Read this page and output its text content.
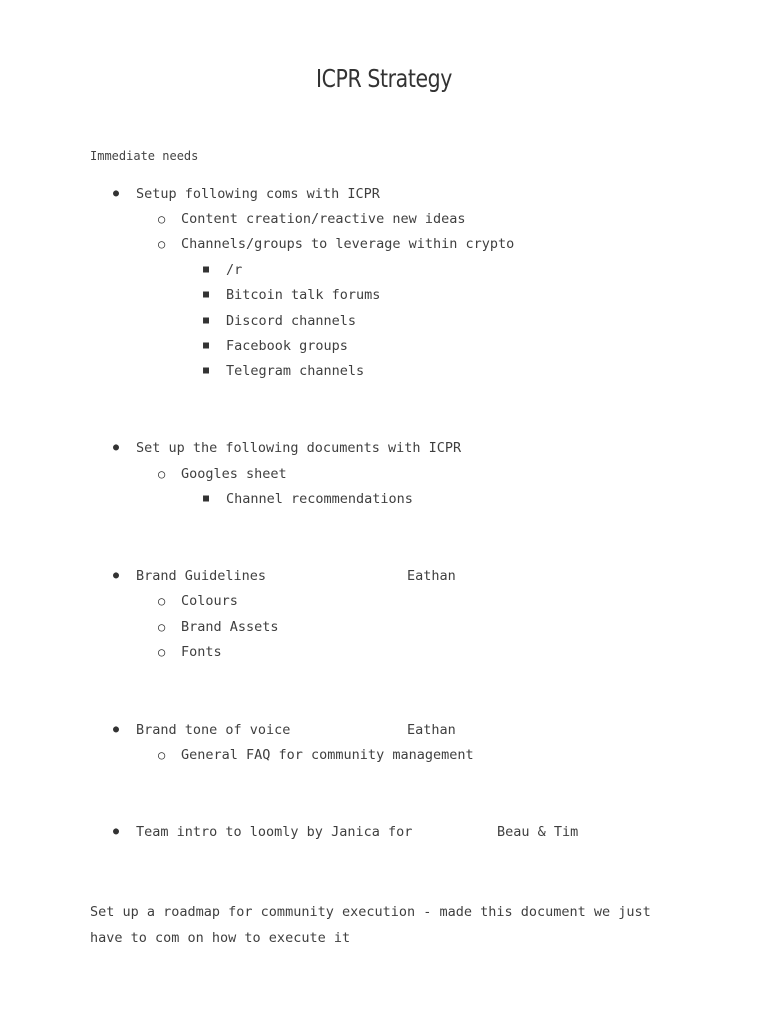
ICPR Strategy
Immediate needs
● Setup following coms with ICPR
○ Content creation/reactive new ideas
○ Channels/groups to leverage within crypto
■ /r
■ Bitcoin talk forums
■ Discord channels
■ Facebook groups
■ Telegram channels
● Set up the following documents with ICPR
○ Googles sheet
■ Channel recommendations
● Brand Guidelines	Eathan
○ Colours
○ Brand Assets
○ Fonts
● Brand tone of voice	Eathan
○ General FAQ for community management
● Team intro to loomly by Janica for	Beau & Tim
Set up a roadmap for community execution - made this document we just have to com on how to execute it
